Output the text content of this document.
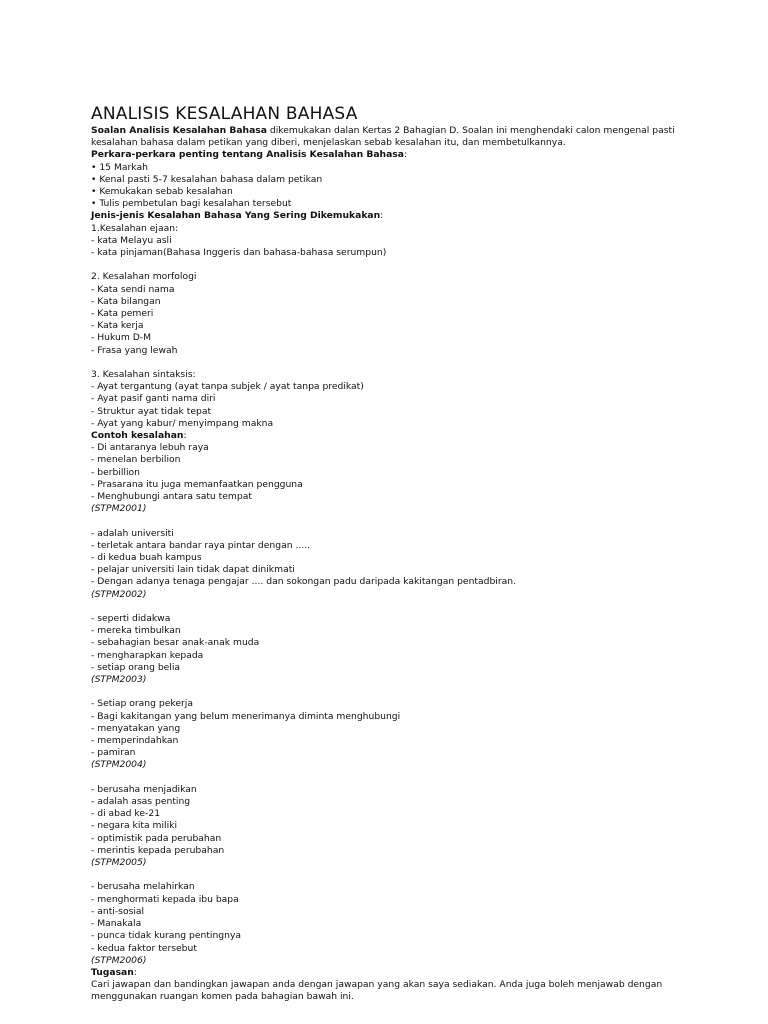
ANALISIS KESALAHAN BAHASA

Soalan Analisis Kesalahan Bahasa dikemukakan dalan Kertas 2 Bahagian D. Soalan ini menghendaki calon mengenal pasti kesalahan bahasa dalam petikan yang diberi, menjelaskan sebab kesalahan itu, dan membetulkannya.

Perkara-perkara penting tentang Analisis Kesalahan Bahasa:

• 15 Markah

• Kenal pasti 5-7 kesalahan bahasa dalam petikan

• Kemukakan sebab kesalahan

• Tulis pembetulan bagi kesalahan tersebut

Jenis-jenis Kesalahan Bahasa Yang Sering Dikemukakan:

1.Kesalahan ejaan:

- kata Melayu asli

- kata pinjaman(Bahasa Inggeris dan bahasa-bahasa serumpun)

2. Kesalahan morfologi

- Kata sendi nama

- Kata bilangan

- Kata pemeri

- Kata kerja

- Hukum D-M

- Frasa yang lewah

3. Kesalahan sintaksis:

- Ayat tergantung (ayat tanpa subjek / ayat tanpa predikat)

- Ayat pasif ganti nama diri

- Struktur ayat tidak tepat

- Ayat yang kabur/ menyimpang makna

Contoh kesalahan:

- Di antaranya lebuh raya

- menelan berbilion

- berbillion

- Prasarana itu juga memanfaatkan pengguna

- Menghubungi antara satu tempat

(STPM2001)

- adalah universiti

- terletak antara bandar raya pintar dengan .....

- di kedua buah kampus

- pelajar universiti lain tidak dapat dinikmati

- Dengan adanya tenaga pengajar .... dan sokongan padu daripada kakitangan pentadbiran.

(STPM2002)

- seperti didakwa

- mereka timbulkan

- sebahagian besar anak-anak muda

- mengharapkan kepada

- setiap orang belia

(STPM2003)

- Setiap orang pekerja

- Bagi kakitangan yang belum menerimanya diminta menghubungi

- menyatakan yang

- memperindahkan

- pamiran

(STPM2004)

- berusaha menjadikan

- adalah asas penting

- di abad ke-21

- negara kita miliki

- optimistik pada perubahan

- merintis kepada perubahan

(STPM2005)

- berusaha melahirkan

- menghormati kepada ibu bapa

- anti-sosial

- Manakala

- punca tidak kurang pentingnya

- kedua faktor tersebut

(STPM2006)

Tugasan:

Cari jawapan dan bandingkan jawapan anda dengan jawapan yang akan saya sediakan. Anda juga boleh menjawab dengan menggunakan ruangan komen pada bahagian bawah ini.
